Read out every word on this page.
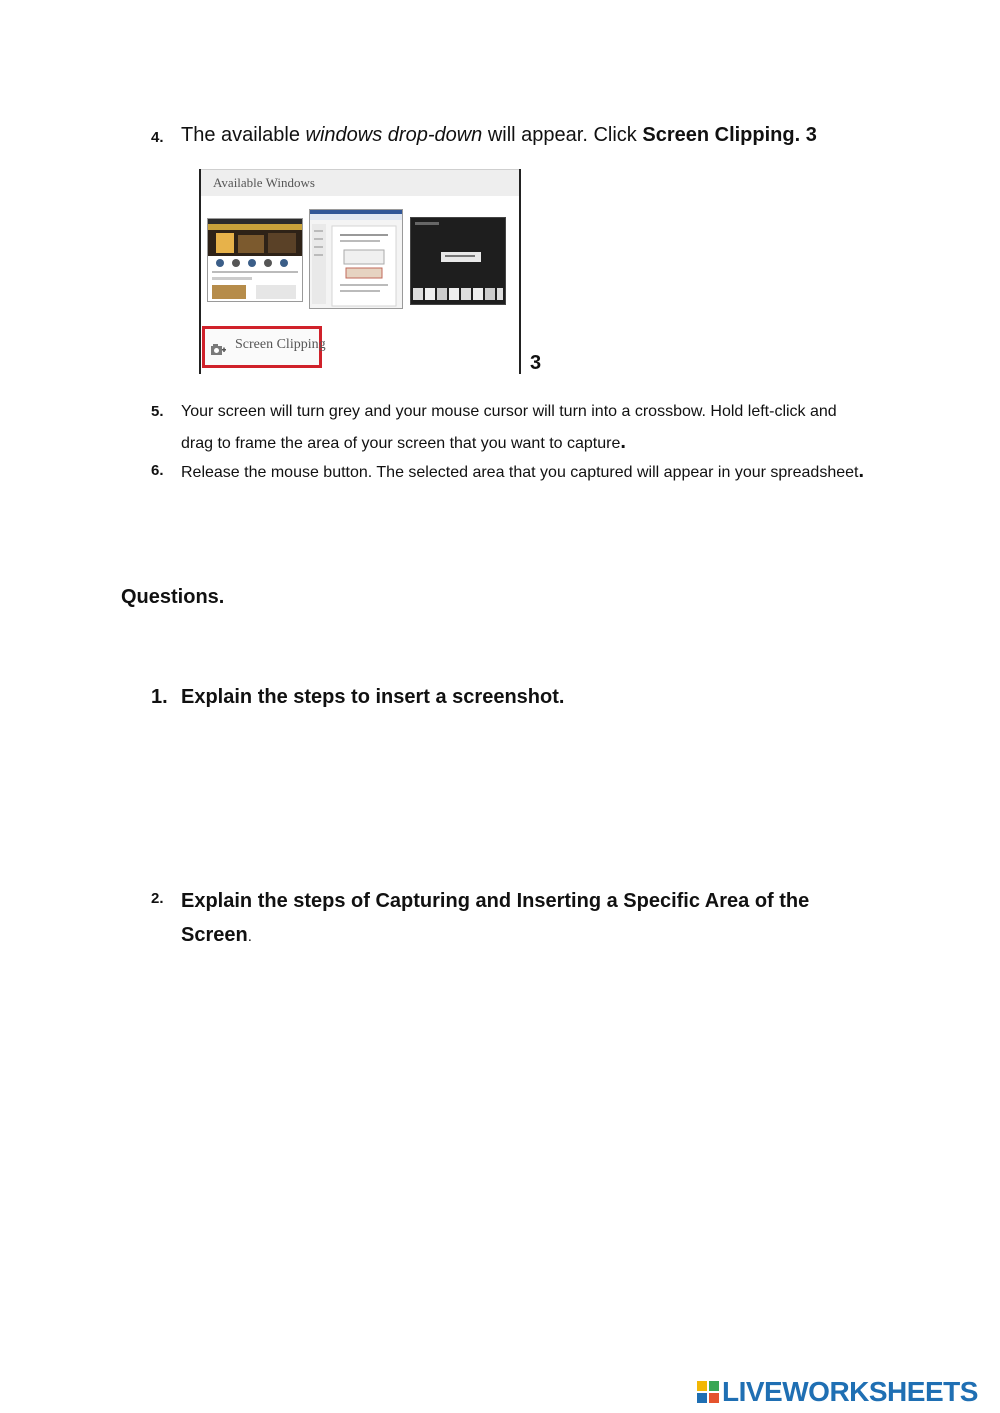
4. The available windows drop-down will appear. Click Screen Clipping. 3
Available Windows
Screen Clipping
3
5. Your screen will turn grey and your mouse cursor will turn into a crossbow. Hold left-click and drag to frame the area of your screen that you want to capture.
6. Release the mouse button. The selected area that you captured will appear in your spreadsheet.
Questions.
1. Explain the steps to insert a screenshot.
2. Explain the steps of Capturing and Inserting a Specific Area of the Screen.
LIVEWORKSHEETS
